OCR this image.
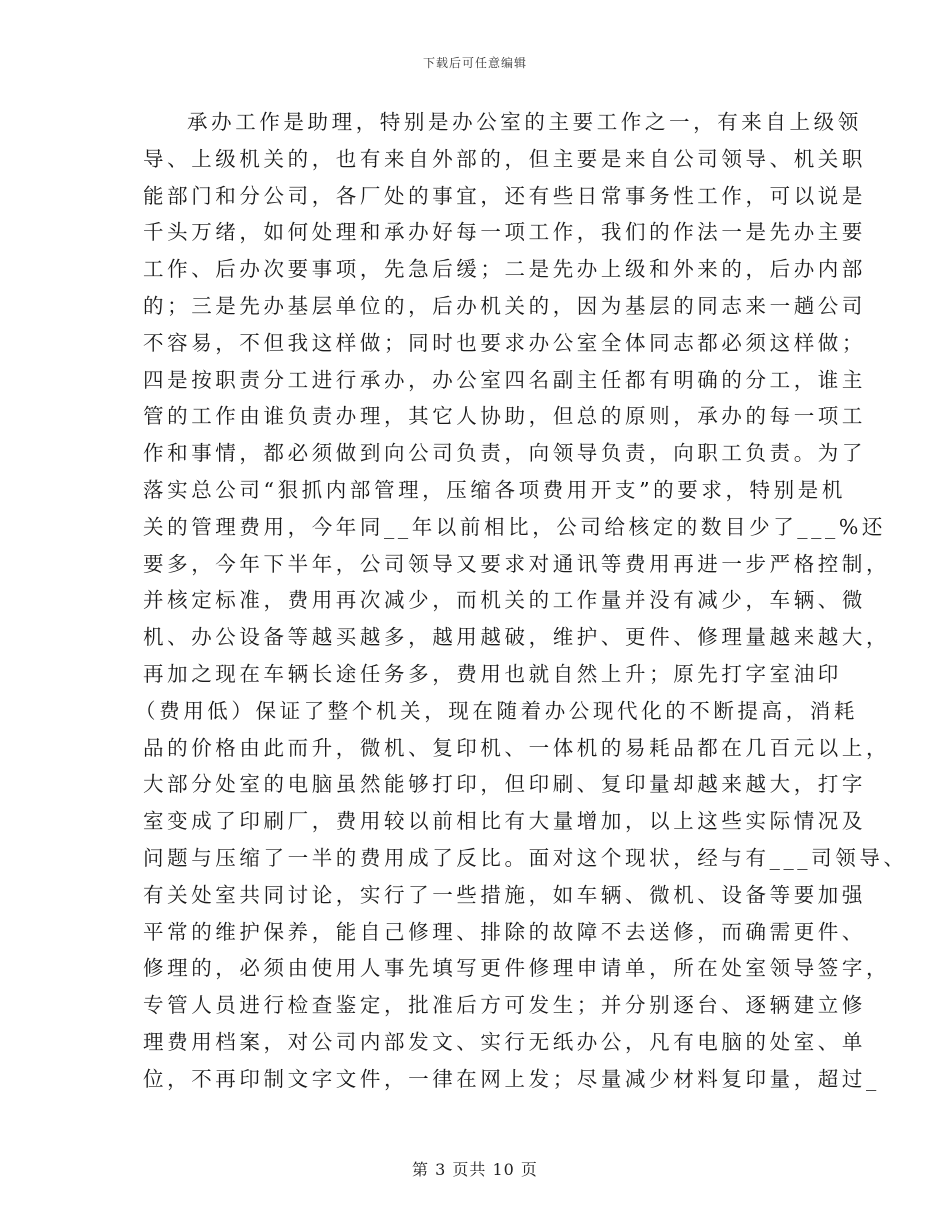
下载后可任意编辑
承办工作是助理，特别是办公室的主要工作之一，有来自上级领
导、上级机关的，也有来自外部的，但主要是来自公司领导、机关职
能部门和分公司，各厂处的事宜，还有些日常事务性工作，可以说是
千头万绪，如何处理和承办好每一项工作，我们的作法一是先办主要
工作、后办次要事项，先急后缓；二是先办上级和外来的，后办内部
的；三是先办基层单位的，后办机关的，因为基层的同志来一趟公司
不容易，不但我这样做；同时也要求办公室全体同志都必须这样做；
四是按职责分工进行承办，办公室四名副主任都有明确的分工，谁主
管的工作由谁负责办理，其它人协助，但总的原则，承办的每一项工
作和事情，都必须做到向公司负责，向领导负责，向职工负责。为了
落实总公司“狠抓内部管理，压缩各项费用开支”的要求，特别是机
关的管理费用，今年同__年以前相比，公司给核定的数目少了___%还
要多，今年下半年，公司领导又要求对通讯等费用再进一步严格控制，
并核定标准，费用再次减少，而机关的工作量并没有减少，车辆、微
机、办公设备等越买越多，越用越破，维护、更件、修理量越来越大，
再加之现在车辆长途任务多，费用也就自然上升；原先打字室油印
（费用低）保证了整个机关，现在随着办公现代化的不断提高，消耗
品的价格由此而升，微机、复印机、一体机的易耗品都在几百元以上，
大部分处室的电脑虽然能够打印，但印刷、复印量却越来越大，打字
室变成了印刷厂，费用较以前相比有大量增加，以上这些实际情况及
问题与压缩了一半的费用成了反比。面对这个现状，经与有___司领导、
有关处室共同讨论，实行了一些措施，如车辆、微机、设备等要加强
平常的维护保养，能自己修理、排除的故障不去送修，而确需更件、
修理的，必须由使用人事先填写更件修理申请单，所在处室领导签字，
专管人员进行检查鉴定，批准后方可发生；并分别逐台、逐辆建立修
理费用档案，对公司内部发文、实行无纸办公，凡有电脑的处室、单
位，不再印制文字文件，一律在网上发；尽量减少材料复印量，超过_
第 3 页共 10 页
